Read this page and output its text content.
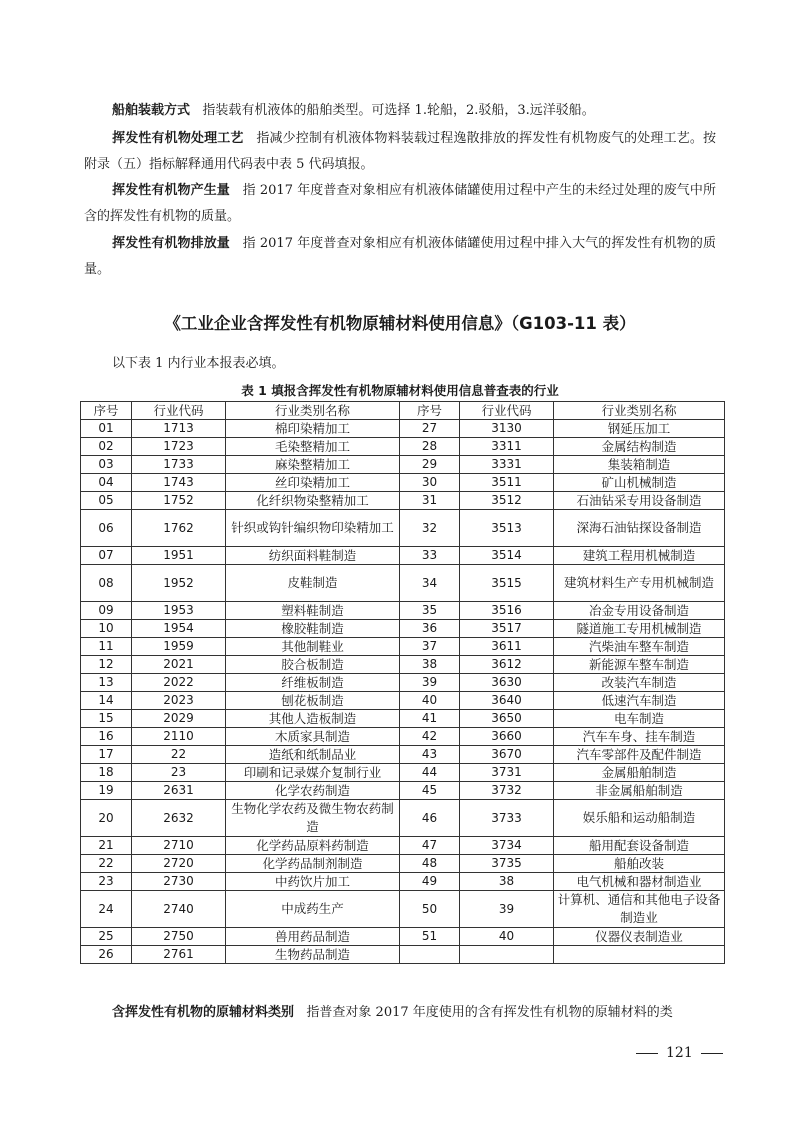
船舶装载方式 指装载有机液体的船舶类型。可选择 1.轮船，2.驳船，3.远洋驳船。
挥发性有机物处理工艺 指减少控制有机液体物料装载过程逸散排放的挥发性有机物废气的处理工艺。按附录（五）指标解释通用代码表中表 5 代码填报。
挥发性有机物产生量 指 2017 年度普查对象相应有机液体储罐使用过程中产生的未经过处理的废气中所含的挥发性有机物的质量。
挥发性有机物排放量 指 2017 年度普查对象相应有机液体储罐使用过程中排入大气的挥发性有机物的质量。
《工业企业含挥发性有机物原辅材料使用信息》（G103-11 表）
以下表 1 内行业本报表必填。
表 1 填报含挥发性有机物原辅材料使用信息普查表的行业
序号	行业代码	行业类别名称	序号	行业代码	行业类别名称
01	1713	棉印染精加工	27	3130	钢延压加工
02	1723	毛染整精加工	28	3311	金属结构制造
03	1733	麻染整精加工	29	3331	集装箱制造
04	1743	丝印染精加工	30	3511	矿山机械制造
05	1752	化纤织物染整精加工	31	3512	石油钻采专用设备制造
06	1762	针织或钩针编织物印染精加工	32	3513	深海石油钻探设备制造
07	1951	纺织面料鞋制造	33	3514	建筑工程用机械制造
08	1952	皮鞋制造	34	3515	建筑材料生产专用机械制造
09	1953	塑料鞋制造	35	3516	冶金专用设备制造
10	1954	橡胶鞋制造	36	3517	隧道施工专用机械制造
11	1959	其他制鞋业	37	3611	汽柴油车整车制造
12	2021	胶合板制造	38	3612	新能源车整车制造
13	2022	纤维板制造	39	3630	改装汽车制造
14	2023	刨花板制造	40	3640	低速汽车制造
15	2029	其他人造板制造	41	3650	电车制造
16	2110	木质家具制造	42	3660	汽车车身、挂车制造
17	22	造纸和纸制品业	43	3670	汽车零部件及配件制造
18	23	印刷和记录媒介复制行业	44	3731	金属船舶制造
19	2631	化学农药制造	45	3732	非金属船舶制造
20	2632	生物化学农药及微生物农药制造	46	3733	娱乐船和运动船制造
21	2710	化学药品原料药制造	47	3734	船用配套设备制造
22	2720	化学药品制剂制造	48	3735	船舶改装
23	2730	中药饮片加工	49	38	电气机械和器材制造业
24	2740	中成药生产	50	39	计算机、通信和其他电子设备制造业
25	2750	兽用药品制造	51	40	仪器仪表制造业
26	2761	生物药品制造			
含挥发性有机物的原辅材料类别 指普查对象 2017 年度使用的含有挥发性有机物的原辅材料的类
121
